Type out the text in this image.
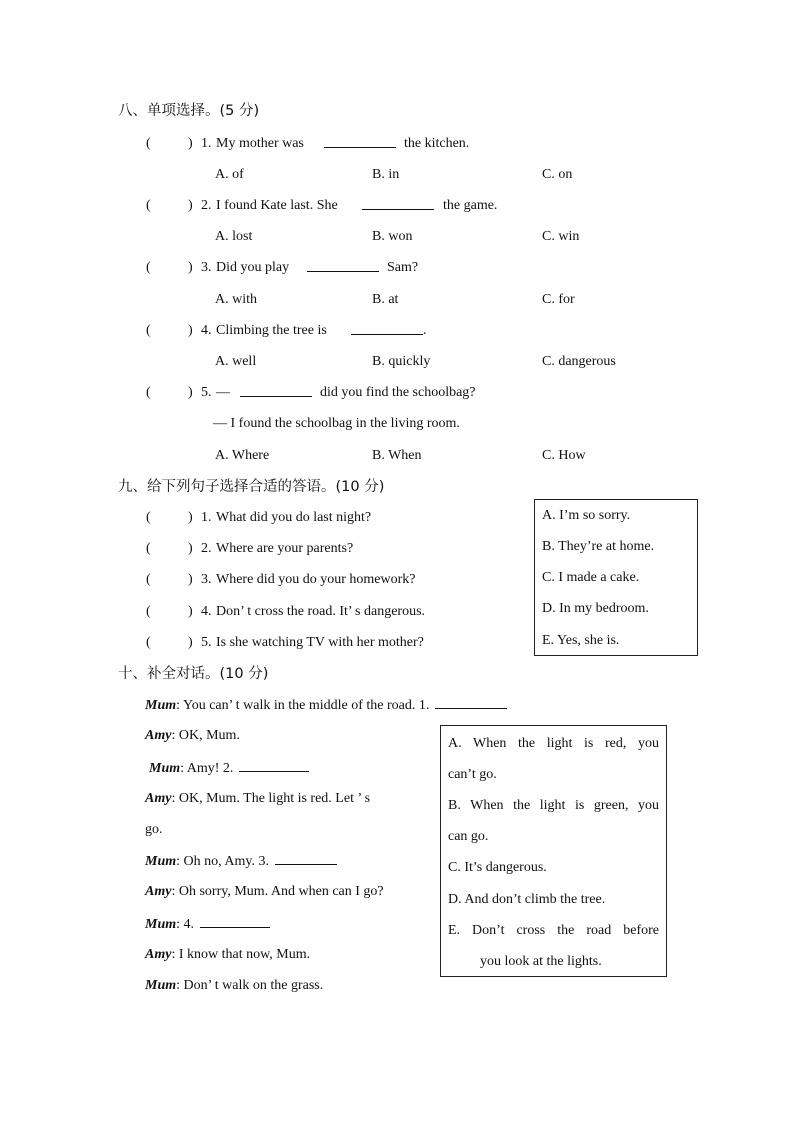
八、单项选择。(5 分)
(	) 1. My mother was	the kitchen.
A. of	B. in	C. on
(	) 2. I found Kate last. She	the game.
A. lost	B. won	C. win
(	) 3. Did you play	Sam?
A. with	B. at	C. for
(	) 4. Climbing the tree is	.
A. well	B. quickly	C. dangerous
(	) 5. —	did you find the schoolbag?
— I found the schoolbag in the living room.
A. Where	B. When	C. How
九、给下列句子选择合适的答语。(10 分)
(	) 1. What did you do last night?
(	) 2. Where are your parents?
(	) 3. Where did you do your homework?
(	) 4. Don’ t cross the road. It’ s dangerous.
(	) 5. Is she watching TV with her mother?
A. I’m so sorry.
B. They’re at home.
C. I made a cake.
D. In my bedroom.
E. Yes, she is.
十、补全对话。(10 分)
Mum: You can’ t walk in the middle of the road. 1.
Amy: OK, Mum.
Mum: Amy! 2.
Amy: OK, Mum. The light is red. Let ’ s
go.
Mum: Oh no, Amy. 3.
Amy: Oh sorry, Mum. And when can I go?
Mum: 4.
Amy: I know that now, Mum.
Mum: Don’ t walk on the grass.
A. When the light is red, you
can’t go.
B. When the light is green, you
can go.
C. It’s dangerous.
D. And don’t climb the tree.
E. Don’t cross the road before
you look at the lights.
